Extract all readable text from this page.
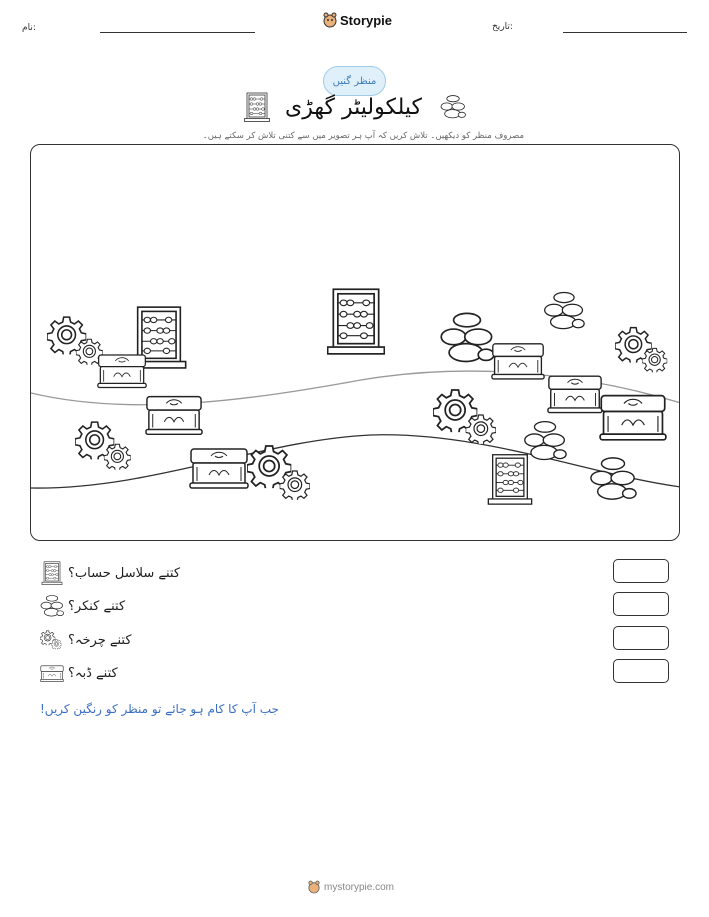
نام:
Storypie	تاریخ:
منظر گنیں
کیلکولیٹر گھڑی
مصروف منظر کو دیکھیں۔ تلاش کریں کہ آپ ہر تصویر میں سے کتنی تلاش کر سکتے ہیں۔
کتنے سلاسل حساب؟
کتنے کنکر؟
کتنے چرخہ؟
کتنے ڈبہ؟
جب آپ کا کام ہو جائے تو منظر کو رنگین کریں!
mystorypie.com
